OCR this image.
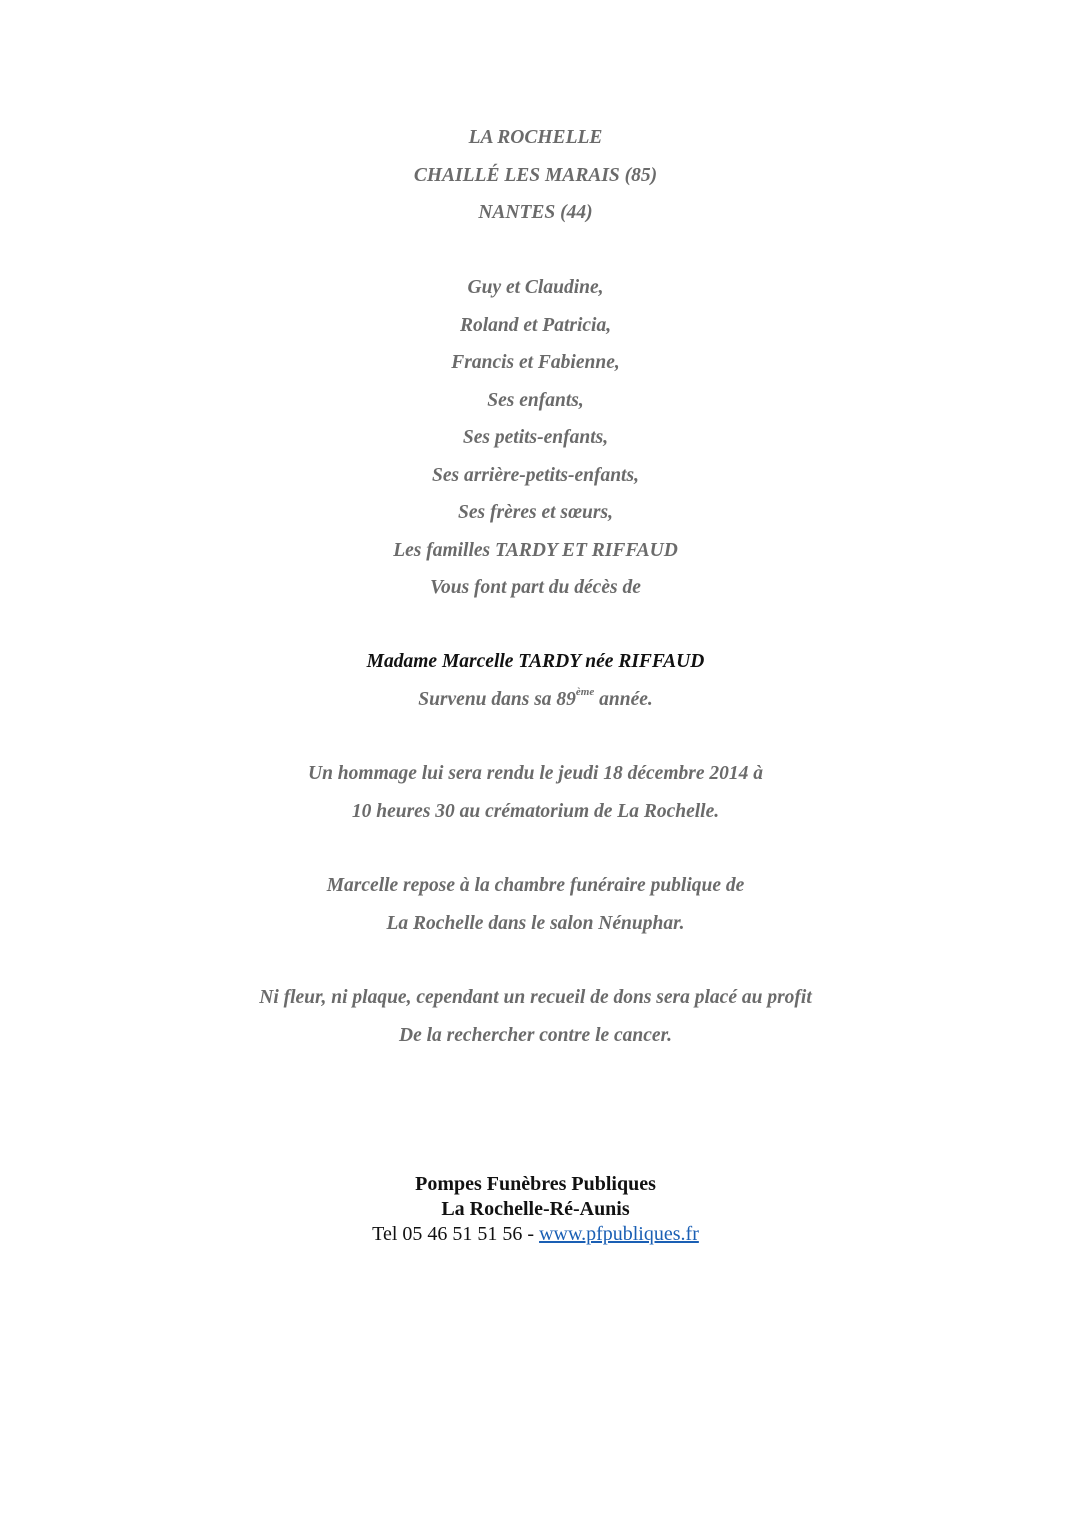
LA ROCHELLE
CHAILLÉ LES MARAIS (85)
NANTES (44)
Guy et Claudine,
Roland et Patricia,
Francis et Fabienne,
Ses enfants,
Ses petits-enfants,
Ses arrière-petits-enfants,
Ses frères et sœurs,
Les familles TARDY ET RIFFAUD
Vous font part du décès de
Madame Marcelle TARDY née RIFFAUD
Survenu dans sa 89ème année.
Un hommage lui sera rendu le jeudi 18 décembre 2014 à
10 heures 30 au crématorium de La Rochelle.
Marcelle repose à la chambre funéraire publique de
La Rochelle dans le salon Nénuphar.
Ni fleur, ni plaque, cependant un recueil de dons sera placé au profit
De la rechercher contre le cancer.
Pompes Funèbres Publiques
La Rochelle-Ré-Aunis
Tel 05 46 51 51 56 - www.pfpubliques.fr
